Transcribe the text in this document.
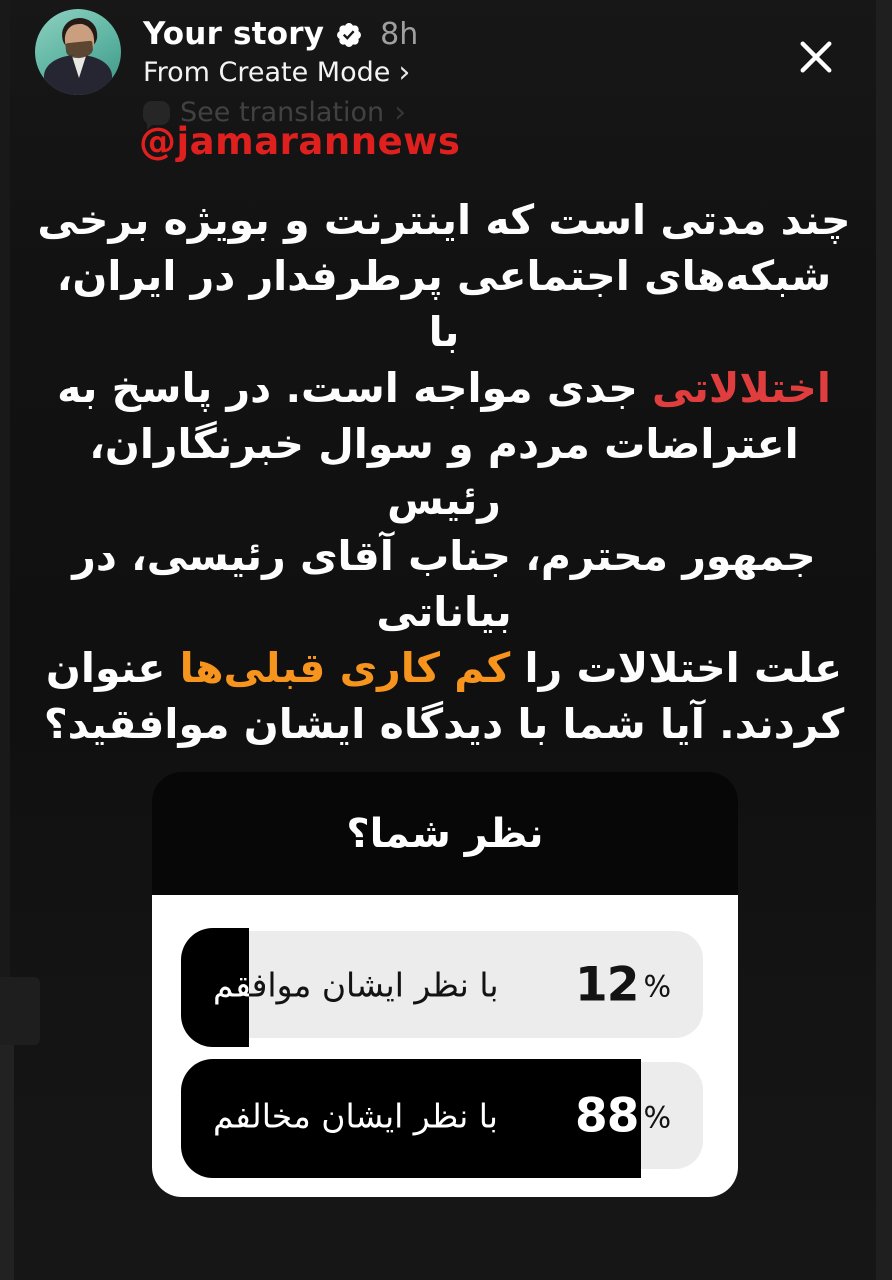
Your story 8h
From Create Mode ›
See translation ›
@jamarannews
چند مدتی است که اینترنت و بویژه برخی
شبکه‌های اجتماعی پرطرفدار در ایران، با
اختلالاتی جدی مواجه است. در پاسخ به
اعتراضات مردم و سوال خبرنگاران، رئیس
جمهور محترم، جناب آقای رئیسی، در بیاناتی
علت اختلالات را کم کاری قبلی‌ها عنوان
کردند. آیا شما با دیدگاه ایشان موافقید؟
نظر شما؟
با نظر ایشان موافقم 12 %
با نظر ایشان مخالفم 88 %
